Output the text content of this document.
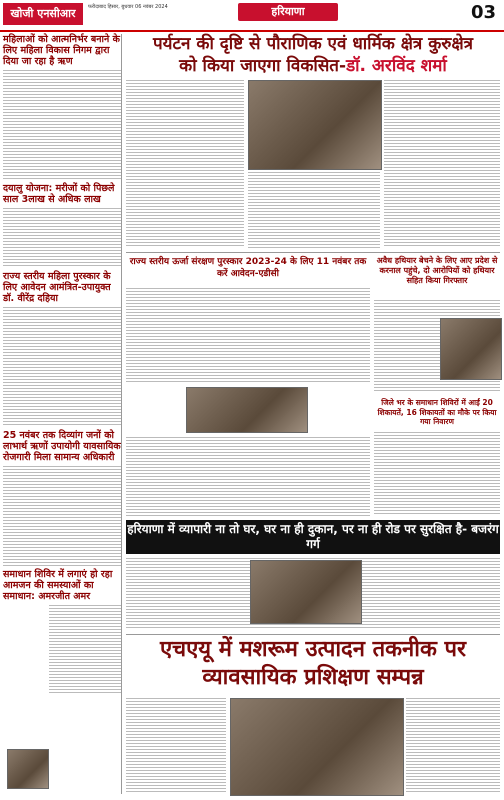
खोजी एनसीआर	फरीदाबाद हिसार, बुधवार 06 नवंबर 2024	हरियाणा	03
महिलाओं को आत्मनिर्भर बनाने के लिए महिला विकास निगम द्वारा दिया जा रहा है ऋण
दयालु योजना: मरीजों को पिछले साल 3लाख से अधिक लाख
राज्य स्तरीय महिला पुरस्कार के लिए आवेदन आमंत्रित-उपायुक्त डॉ. वीरेंद्र दहिया
25 नवंबर तक दिव्यांग जनों को लाभार्थ ऋणों उपायोगी यावसायिक रोजगारी मिला सामान्य अधिकारी
समाधान शिविर में लगाएं हो रहा आमजन की समस्याओं का समाधान: अमरजीत अमर
पर्यटन की दृष्टि से पौराणिक एवं धार्मिक क्षेत्र कुरुक्षेत्र
को किया जाएगा विकसित-डॉ. अरविंद शर्मा
राज्य स्तरीय ऊर्जा संरक्षण पुरस्कार 2023-24 के लिए 11 नवंबर तक करें आवेदन-एडीसी
अवैध हथियार बेचने के लिए आए प्रदेश से करनाल पहुंचे, दो आरोपियों को हथियार सहित किया गिरफ्तार
जिले भर के समाधान शिविरों में आईं 20 शिकायतें, 16 शिकायतों का मौके पर किया गया निवारण
हरियाणा में व्यापारी ना तो घर, घर ना ही दुकान, पर ना ही रोड पर सुरक्षित है- बजरंग गर्ग
एचएयू में मशरूम उत्पादन तकनीक पर
व्यावसायिक प्रशिक्षण सम्पन्न
